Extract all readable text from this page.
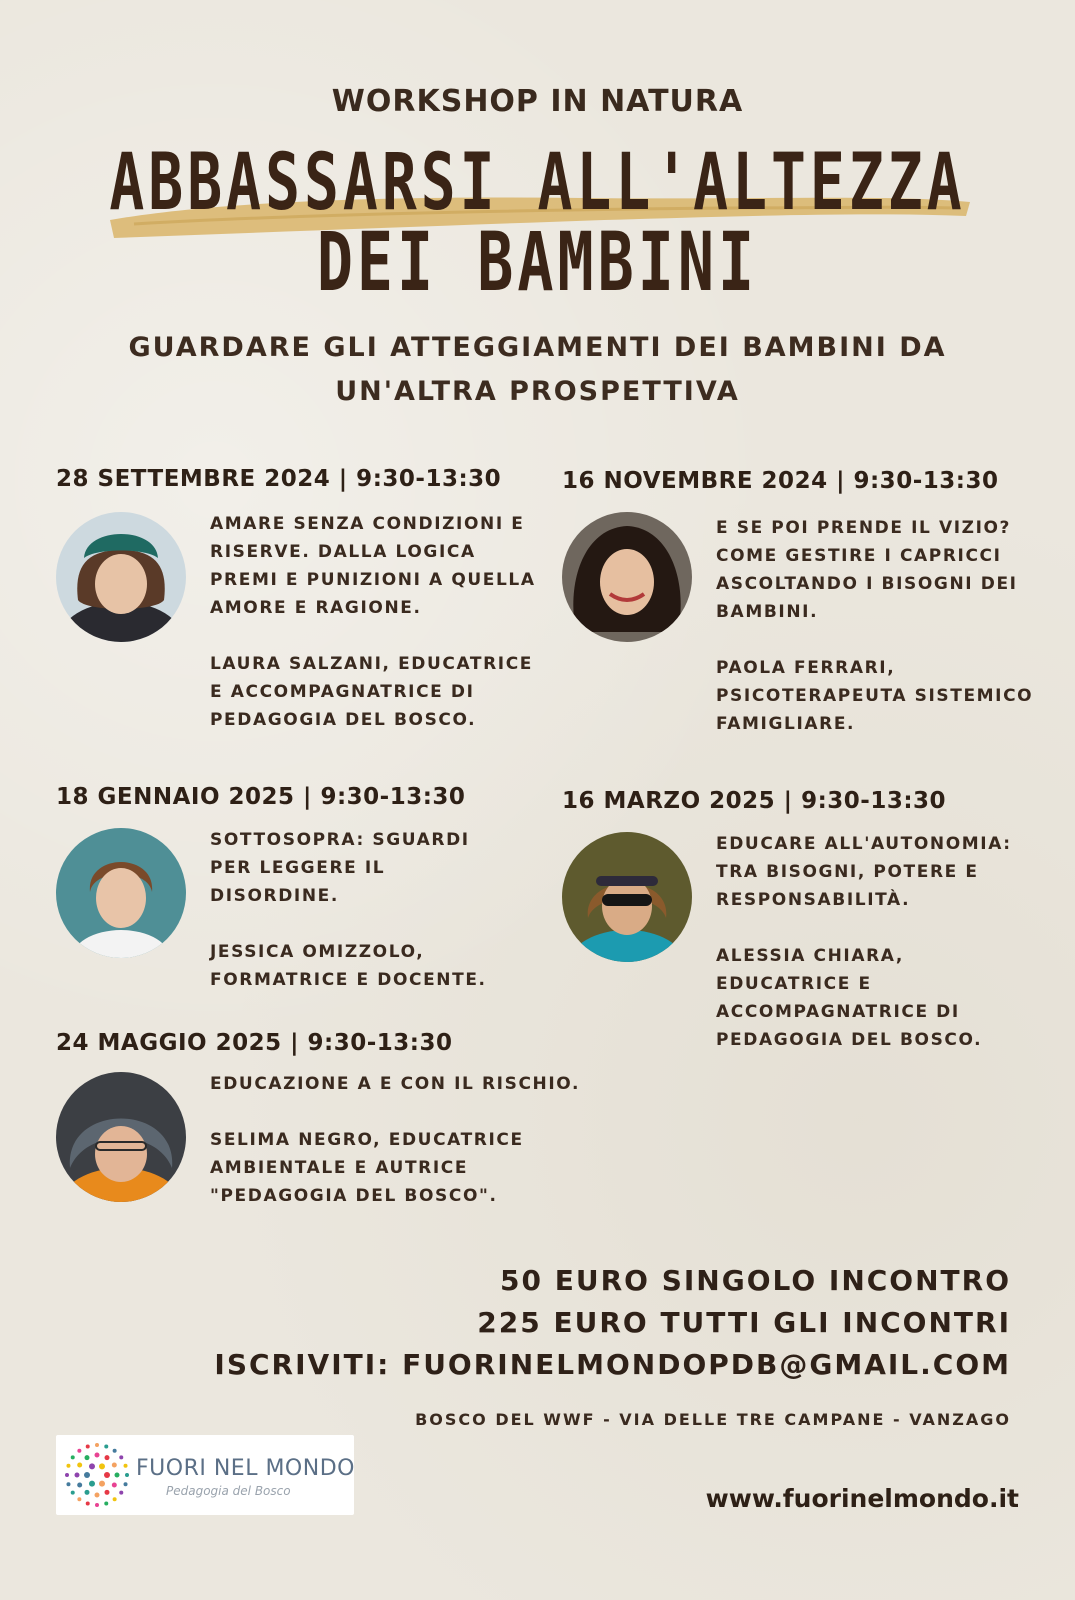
WORKSHOP IN NATURA
ABBASSARSI ALL'ALTEZZA
DEI BAMBINI
GUARDARE GLI ATTEGGIAMENTI DEI BAMBINI DA
UN'ALTRA PROSPETTIVA
28 SETTEMBRE 2024 | 9:30-13:30

AMARE SENZA CONDIZIONI E RISERVE. DALLA LOGICA PREMI E PUNIZIONI A QUELLA AMORE E RAGIONE.

LAURA SALZANI, EDUCATRICE E ACCOMPAGNATRICE DI PEDAGOGIA DEL BOSCO.

16 NOVEMBRE 2024 | 9:30-13:30

E SE POI PRENDE IL VIZIO? COME GESTIRE I CAPRICCI ASCOLTANDO I BISOGNI DEI BAMBINI.

PAOLA FERRARI, PSICOTERAPEUTA SISTEMICO FAMIGLIARE.

18 GENNAIO 2025 | 9:30-13:30

SOTTOSOPRA: SGUARDI PER LEGGERE IL DISORDINE.

JESSICA OMIZZOLO, FORMATRICE E DOCENTE.

16 MARZO 2025 | 9:30-13:30

EDUCARE ALL'AUTONOMIA: TRA BISOGNI, POTERE E RESPONSABILITÀ.

ALESSIA CHIARA, EDUCATRICE E ACCOMPAGNATRICE DI PEDAGOGIA DEL BOSCO.

24 MAGGIO 2025 | 9:30-13:30

EDUCAZIONE A E CON IL RISCHIO.

SELIMA NEGRO, EDUCATRICE AMBIENTALE E AUTRICE "PEDAGOGIA DEL BOSCO".

50 EURO SINGOLO INCONTRO
225 EURO TUTTI GLI INCONTRI
ISCRIVITI: FUORINELMONDOPDB@GMAIL.COM
BOSCO DEL WWF - VIA DELLE TRE CAMPANE - VANZAGO
FUORI NEL MONDO
Pedagogia del Bosco	www.fuorinelmondo.it
